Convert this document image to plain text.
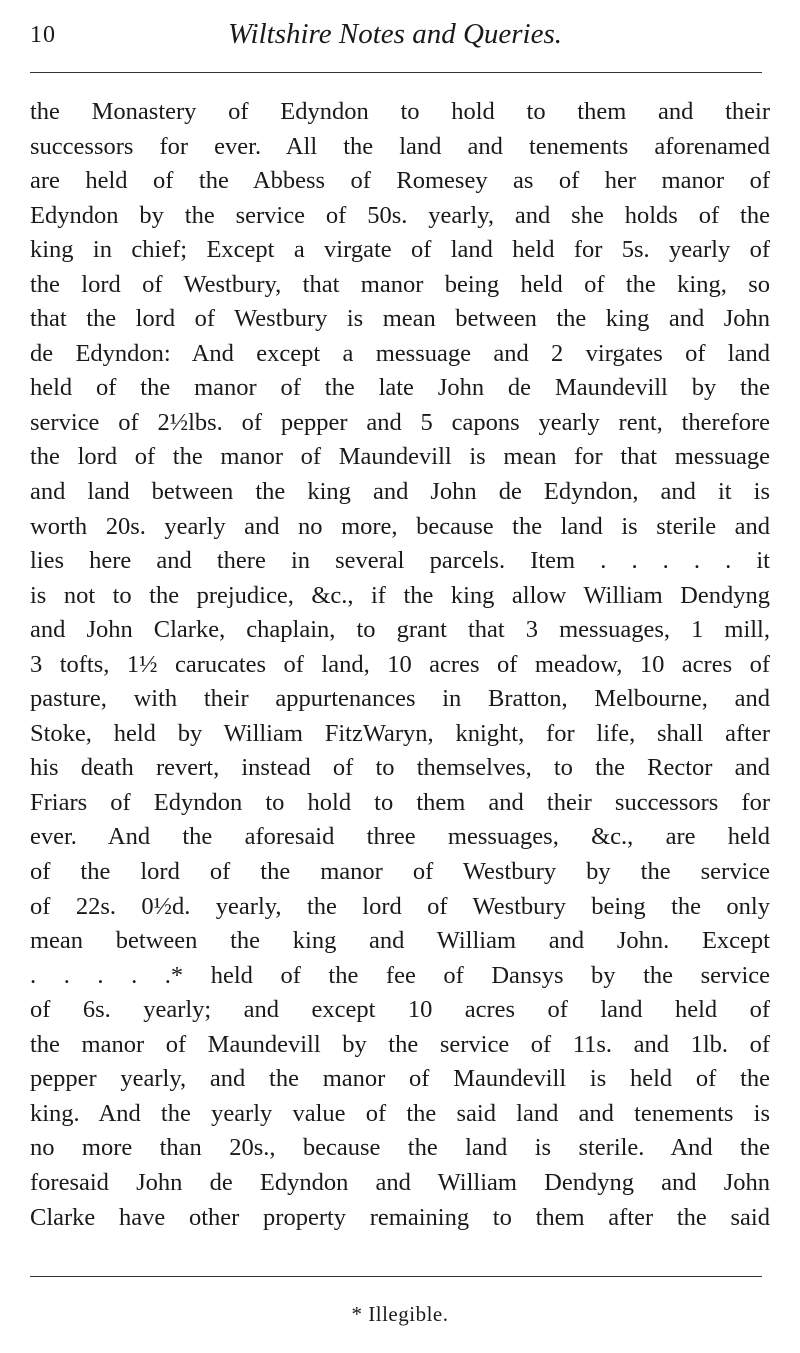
10	Wiltshire Notes and Queries.
the Monastery of Edyndon to hold to them and their
successors for ever. All the land and tenements aforenamed
are held of the Abbess of Romesey as of her manor of
Edyndon by the service of 50s. yearly, and she holds of the
king in chief; Except a virgate of land held for 5s. yearly of
the lord of Westbury, that manor being held of the king, so
that the lord of Westbury is mean between the king and John
de Edyndon: And except a messuage and 2 virgates of land
held of the manor of the late John de Maundevill by the
service of 2½lbs. of pepper and 5 capons yearly rent, therefore
the lord of the manor of Maundevill is mean for that messuage
and land between the king and John de Edyndon, and it is
worth 20s. yearly and no more, because the land is sterile and
lies here and there in several parcels. Item . . . . . it
is not to the prejudice, &c., if the king allow William Dendyng
and John Clarke, chaplain, to grant that 3 messuages, 1 mill,
3 tofts, 1½ carucates of land, 10 acres of meadow, 10 acres of
pasture, with their appurtenances in Bratton, Melbourne, and
Stoke, held by William FitzWaryn, knight, for life, shall after
his death revert, instead of to themselves, to the Rector and
Friars of Edyndon to hold to them and their successors for
ever. And the aforesaid three messuages, &c., are held
of the lord of the manor of Westbury by the service
of 22s. 0½d. yearly, the lord of Westbury being the only
mean between the king and William and John. Except
. . . . .* held of the fee of Dansys by the service
of 6s. yearly; and except 10 acres of land held of
the manor of Maundevill by the service of 11s. and 1lb. of
pepper yearly, and the manor of Maundevill is held of the
king. And the yearly value of the said land and tenements is
no more than 20s., because the land is sterile. And the
foresaid John de Edyndon and William Dendyng and John
Clarke have other property remaining to them after the said
* Illegible.
